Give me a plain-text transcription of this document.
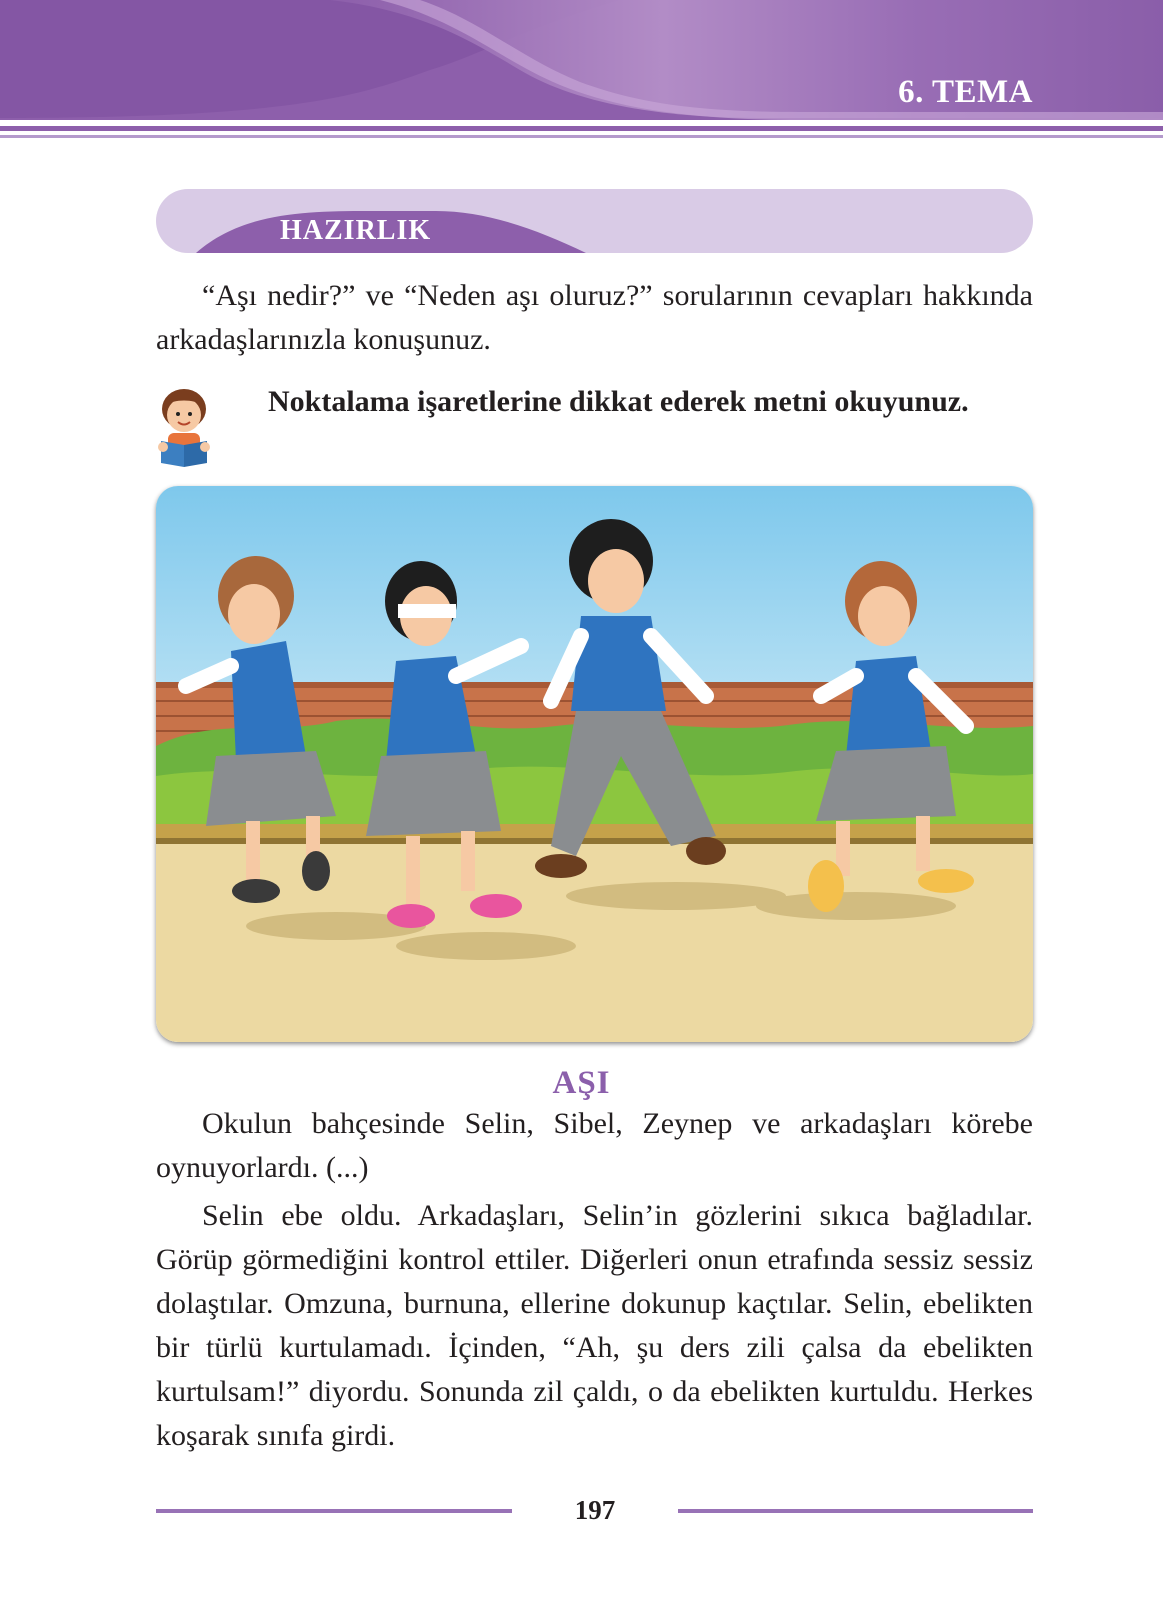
6. TEMA
HAZIRLIK

“Aşı nedir?” ve “Neden aşı oluruz?” sorularının cevapları hakkında arkadaşlarınızla konuşunuz.

Noktalama işaretlerine dikkat ederek metni okuyunuz.

AŞI

Okulun bahçesinde Selin, Sibel, Zeynep ve arkadaşları körebe oynuyorlardı. (...)

Selin ebe oldu. Arkadaşları, Selin’in gözlerini sıkıca bağladılar. Görüp görmediğini kontrol ettiler. Diğerleri onun etrafında sessiz sessiz dolaştılar. Omzuna, burnuna, ellerine dokunup kaçtılar. Selin, ebelikten bir türlü kurtulamadı. İçinden, “Ah, şu ders zili çalsa da ebelikten kurtulsam!” diyordu. Sonunda zil çaldı, o da ebelikten kurtuldu. Herkes koşarak sınıfa girdi.

197
